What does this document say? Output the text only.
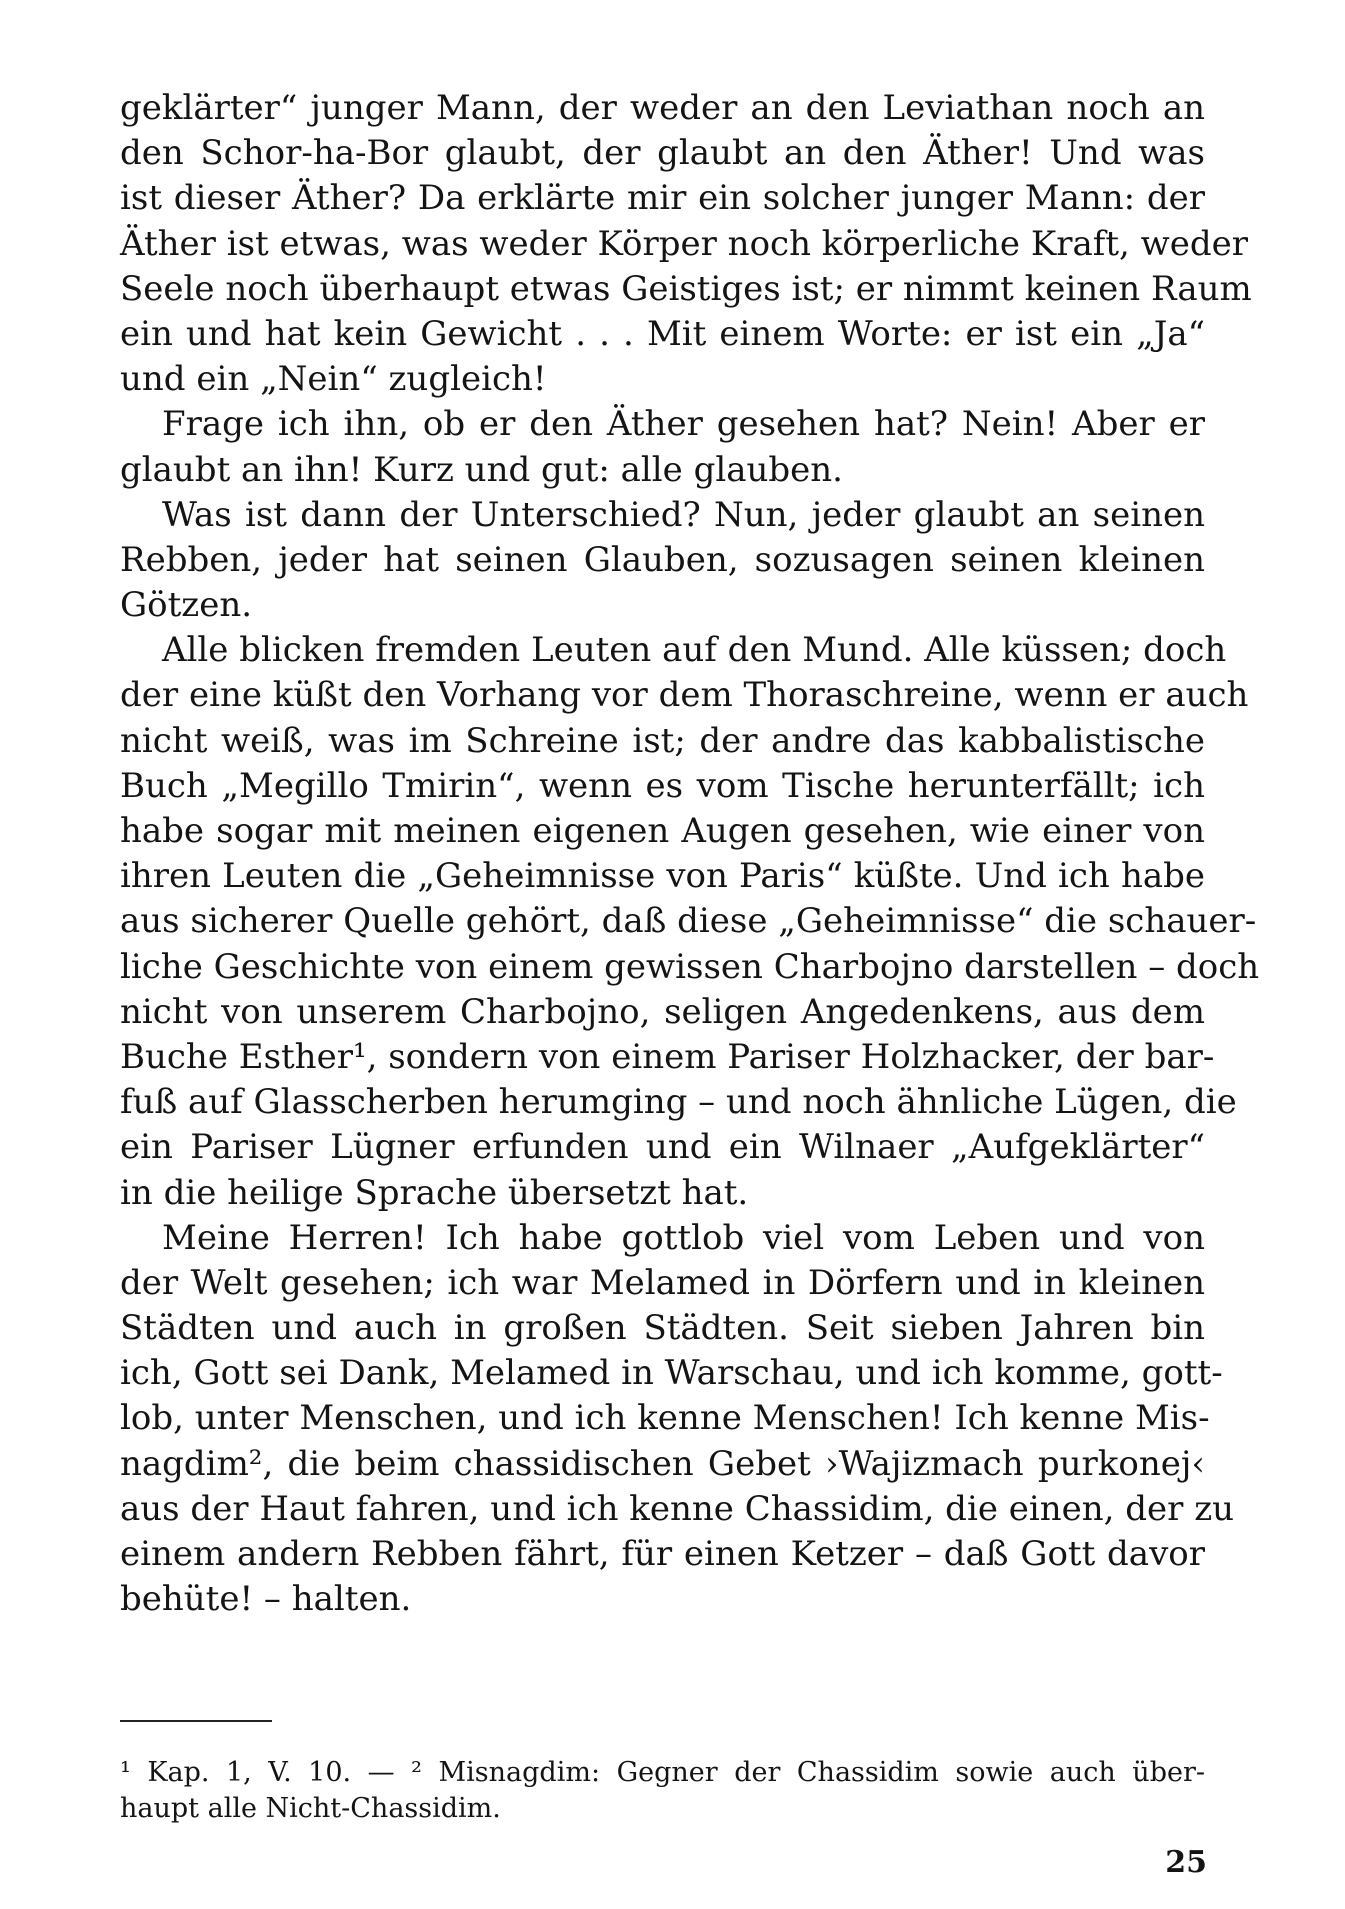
geklärter“ junger Mann, der weder an den Leviathan noch an
den Schor-ha-Bor glaubt, der glaubt an den Äther! Und was
ist dieser Äther? Da erklärte mir ein solcher junger Mann: der
Äther ist etwas, was weder Körper noch körperliche Kraft, weder
Seele noch überhaupt etwas Geistiges ist; er nimmt keinen Raum
ein und hat kein Gewicht . . . Mit einem Worte: er ist ein „Ja“
und ein „Nein“ zugleich!

Frage ich ihn, ob er den Äther gesehen hat? Nein! Aber er
glaubt an ihn! Kurz und gut: alle glauben.

Was ist dann der Unterschied? Nun, jeder glaubt an seinen
Rebben, jeder hat seinen Glauben, sozusagen seinen kleinen
Götzen.

Alle blicken fremden Leuten auf den Mund. Alle küssen; doch
der eine küßt den Vorhang vor dem Thoraschreine, wenn er auch
nicht weiß, was im Schreine ist; der andre das kabbalistische
Buch „Megillo Tmirin“, wenn es vom Tische herunterfällt; ich
habe sogar mit meinen eigenen Augen gesehen, wie einer von
ihren Leuten die „Geheimnisse von Paris“ küßte. Und ich habe
aus sicherer Quelle gehört, daß diese „Geheimnisse“ die schauer-
liche Geschichte von einem gewissen Charbojno darstellen – doch
nicht von unserem Charbojno, seligen Angedenkens, aus dem
Buche Esther¹, sondern von einem Pariser Holzhacker, der bar-
fuß auf Glasscherben herumging – und noch ähnliche Lügen, die
ein Pariser Lügner erfunden und ein Wilnaer „Aufgeklärter“
in die heilige Sprache übersetzt hat.

Meine Herren! Ich habe gottlob viel vom Leben und von
der Welt gesehen; ich war Melamed in Dörfern und in kleinen
Städten und auch in großen Städten. Seit sieben Jahren bin
ich, Gott sei Dank, Melamed in Warschau, und ich komme, gott-
lob, unter Menschen, und ich kenne Menschen! Ich kenne Mis-
nagdim², die beim chassidischen Gebet ›Wajizmach purkonej‹
aus der Haut fahren, und ich kenne Chassidim, die einen, der zu
einem andern Rebben fährt, für einen Ketzer – daß Gott davor
behüte! – halten.

¹ Kap. 1, V. 10. — ² Misnagdim: Gegner der Chassidim sowie auch über-
haupt alle Nicht-Chassidim.
25
